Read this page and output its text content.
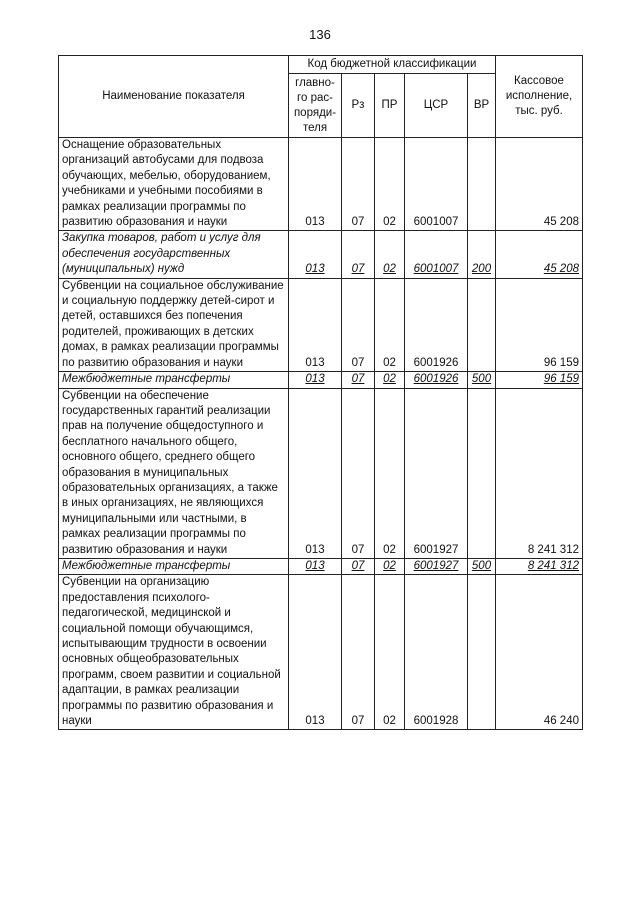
136
Наименование показателя	Код бюджетной классификации					Кассовое исполнение, тыс. руб.
	главно-го рас-поряди-теля	Рз	ПР	ЦСР	ВР	
Оснащение образовательных организаций автобусами для подвоза обучающих, мебелью, оборудованием, учебниками и учебными пособиями в рамках реализации программы по развитию образования и науки	013	07	02	6001007		45 208
Закупка товаров, работ и услуг для обеспечения государственных (муниципальных) нужд	013	07	02	6001007	200	45 208
Субвенции на социальное обслуживание и социальную поддержку детей-сирот и детей, оставшихся без попечения родителей, проживающих в детских домах, в рамках реализации программы по развитию образования и науки	013	07	02	6001926		96 159
Межбюджетные трансферты	013	07	02	6001926	500	96 159
Субвенции на обеспечение государственных гарантий реализации прав на получение общедоступного и бесплатного начального общего, основного общего, среднего общего образования в муниципальных образовательных организациях, а также в иных организациях, не являющихся муниципальными или частными, в рамках реализации программы по развитию образования и науки	013	07	02	6001927		8 241 312
Межбюджетные трансферты	013	07	02	6001927	500	8 241 312
Субвенции на организацию предоставления психолого-педагогической, медицинской и социальной помощи обучающимся, испытывающим трудности в освоении основных общеобразовательных программ, своем развитии и социальной адаптации, в рамках реализации программы по развитию образования и науки	013	07	02	6001928		46 240
